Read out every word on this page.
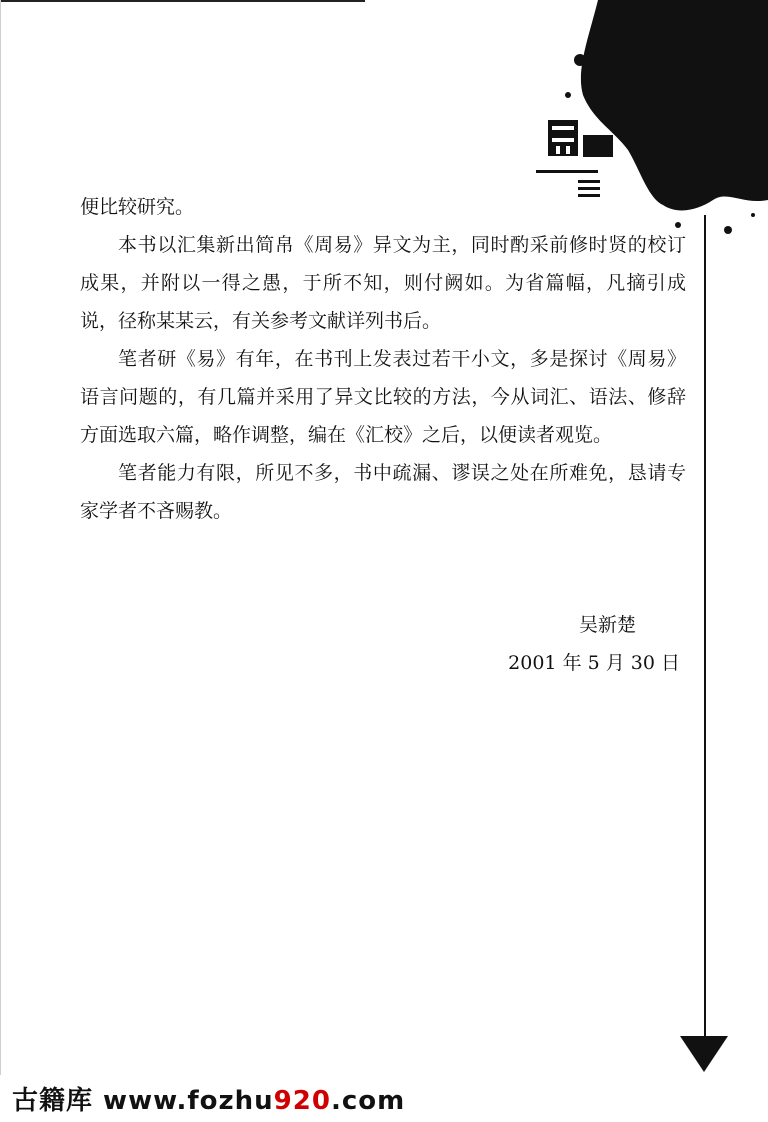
便比较研究。

本书以汇集新出简帛《周易》异文为主，同时酌采前修时贤的校订成果，并附以一得之愚，于所不知，则付阙如。为省篇幅，凡摘引成说，径称某某云，有关参考文献详列书后。

笔者研《易》有年，在书刊上发表过若干小文，多是探讨《周易》语言问题的，有几篇并采用了异文比较的方法，今从词汇、语法、修辞方面选取六篇，略作调整，编在《汇校》之后，以便读者观览。

笔者能力有限，所见不多，书中疏漏、谬误之处在所难免，恳请专家学者不吝赐教。

吴新楚
2001 年 5 月 30 日
古籍库 www.fozhu920.com
